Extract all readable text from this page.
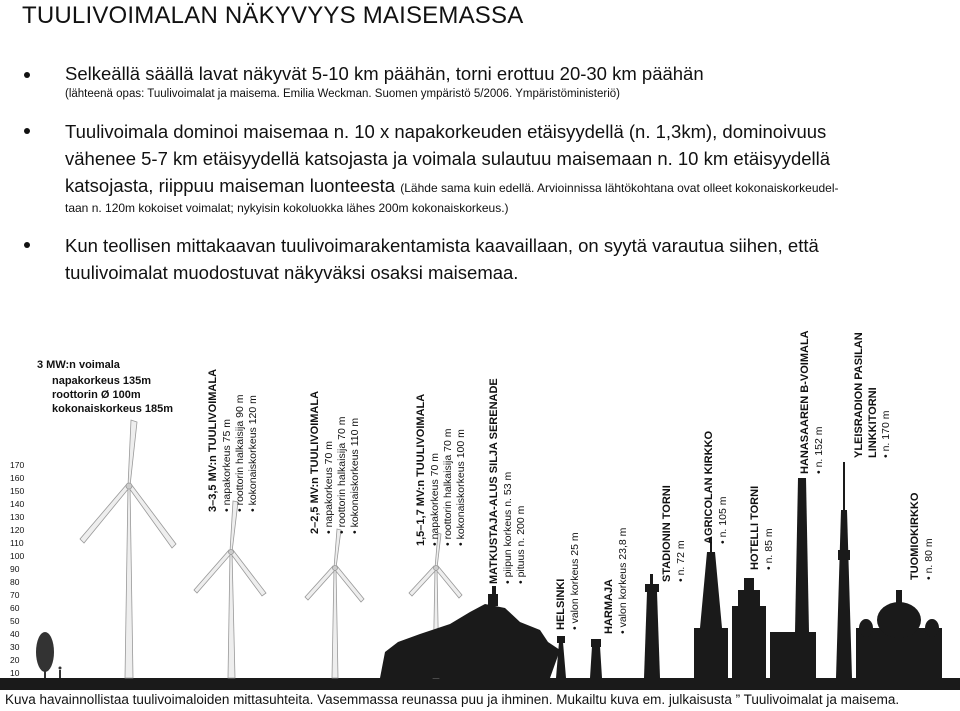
TUULIVOIMALAN NÄKYVYYS MAISEMASSA
Selkeällä säällä lavat näkyvät 5-10 km päähän, torni erottuu 20-30 km päähän
(lähteenä opas: Tuulivoimalat ja maisema. Emilia Weckman. Suomen ympäristö 5/2006. Ympäristöministeriö)
Tuulivoimala dominoi maisemaa n. 10 x napakorkeuden etäisyydellä (n. 1,3km), dominoivuus
vähenee 5-7 km etäisyydellä katsojasta ja voimala sulautuu maisemaan n. 10 km etäisyydellä
katsojasta, riippuu maiseman luonteesta (Lähde sama kuin edellä. Arvioinnissa lähtökohtana ovat olleet kokonaiskorkeudel-
taan n. 120m kokoiset voimalat; nykyisin kokoluokka lähes 200m kokonaiskorkeus.)
Kun teollisen mittakaavan tuulivoimarakentamista kaavaillaan, on syytä varautua siihen, että
tuulivoimalat muodostuvat näkyväksi osaksi maisemaa.
3 MW:n voimala
napakorkeus 135m
roottorin Ø 100m
kokonaiskorkeus 185m
170
160
150
140
130
120
110
100
90
80
70
60
50
40
30
20
10
3–3,5 MV:n TUULIVOIMALA • napakorkeus 75 m • roottorin halkaisija 90 m • kokonaiskorkeus 120 m	2–2,5 MV:n TUULIVOIMALA • napakorkeus 70 m • roottorin halkaisija 70 m • kokonaiskorkeus 110 m	1,5–1,7 MV:n TUULIVOIMALA • napakorkeus 70 m • roottorin halkaisija 70 m • kokonaiskorkeus 100 m MATKUSTAJA-ALUS SILJA SERENADE • piipun korkeus n. 53 m • pituus n. 200 m
HELSINKI • valon korkeus 25 m HARMAJA • valon korkeus 23,8 m	STADIONIN TORNI • n. 72 m
AGRICOLAN KIRKKO • n. 105 m HOTELLI TORNI • n. 85 m
HANASAAREN B-VOIMALA • n. 152 m	YLEISRADION PASILAN LINKKITORNI • n. 170 m
TUOMIOKIRKKO • n. 80 m
Kuva havainnollistaa tuulivoimaloiden mittasuhteita. Vasemmassa reunassa puu ja ihminen. Mukailtu kuva em. julkaisusta ” Tuulivoimalat ja maisema.
